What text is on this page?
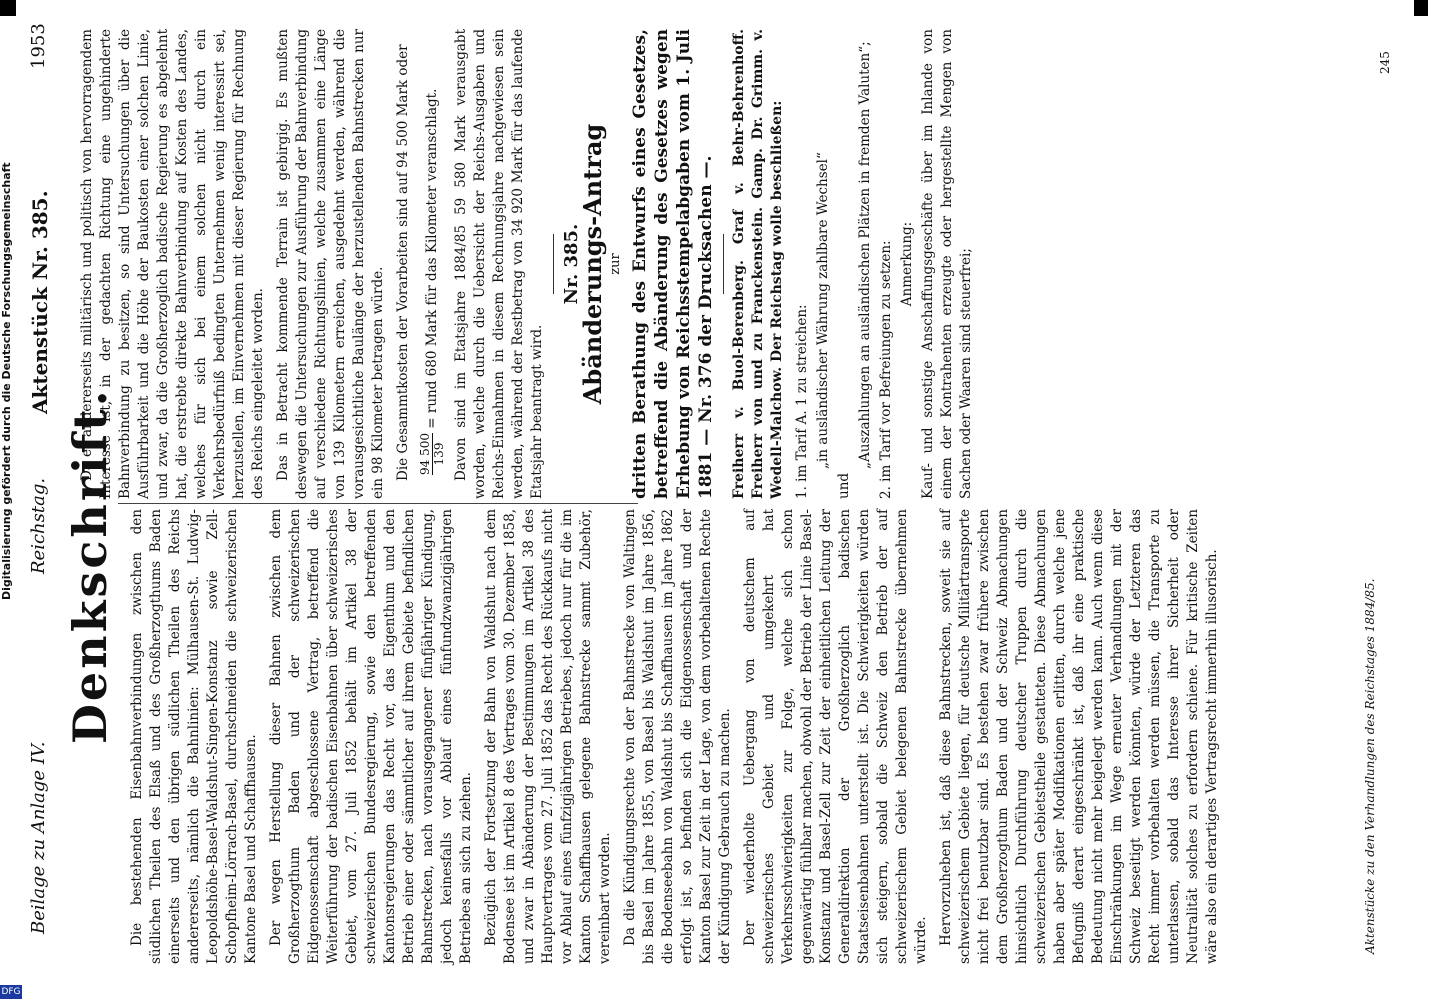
Digitalisierung gefördert durch die Deutsche Forschungsgemeinschaft
DFG
Beilage zu Anlage IV.
Reichstag.
Aktenstück Nr. 385.
1953
Denkschrift. Die bestehenden Eisenbahnverbindungen zwischen den südlichen Theilen des Elsaß und des Großherzogthums Baden einerseits und den übrigen südlichen Theilen des Reichs andererseits, nämlich die Bahnlinien: Mülhausen-St. Ludwig-Leopoldshöhe-Basel-Waldshut-Singen-Konstanz sowie Zell-Schopfheim-Lörrach-Basel, durchschneiden die schweizerischen Kantone Basel und Schaffhausen. Der wegen Herstellung dieser Bahnen zwischen dem Großherzogthum Baden und der schweizerischen Eidgenossenschaft abgeschlossene Vertrag, betreffend die Weiterführung der badischen Eisenbahnen über schweizerisches Gebiet, vom 27. Juli 1852 behält im Artikel 38 der schweizerischen Bundesregierung, sowie den betreffenden Kantonsregierungen das Recht vor, das Eigenthum und den Betrieb einer oder sämmtlicher auf ihrem Gebiete befindlichen Bahnstrecken, nach vorausgegangener fünfjähriger Kündigung, jedoch keinesfalls vor Ablauf eines fünfundzwanzigjährigen Betriebes an sich zu ziehen. Bezüglich der Fortsetzung der Bahn von Waldshut nach dem Bodensee ist im Artikel 8 des Vertrages vom 30. Dezember 1858, und zwar in Abänderung der Bestimmungen im Artikel 38 des Hauptvertrages vom 27. Juli 1852 das Recht des Rückkaufs nicht vor Ablauf eines fünfzigjährigen Betriebes, jedoch nur für die im Kanton Schaffhausen gelegene Bahnstrecke sammt Zubehör, vereinbart worden. Da die Kündigungsrechte von der Bahnstrecke von Waltingen bis Basel im Jahre 1855, von Basel bis Waldshut im Jahre 1856, die Bodenseebahn von Waldshut bis Schaffhausen im Jahre 1862 erfolgt ist, so befinden sich die Eidgenossenschaft und der Kanton Basel zur Zeit in der Lage, von dem vorbehaltenen Rechte der Kündigung Gebrauch zu machen. Der wiederholte Uebergang von deutschem auf schweizerisches Gebiet und umgekehrt hat Verkehrsschwierigkeiten zur Folge, welche sich schon gegenwärtig fühlbar machen, obwohl der Betrieb der Linie Basel-Konstanz und Basel-Zell zur Zeit der einheitlichen Leitung der Generaldirektion der Großherzoglich badischen Staatseisenbahnen unterstellt ist. Die Schwierigkeiten würden sich steigern, sobald die Schweiz den Betrieb der auf schweizerischem Gebiet belegenen Bahnstrecke übernehmen würde. Hervorzuheben ist, daß diese Bahnstrecken, soweit sie auf schweizerischem Gebiete liegen, für deutsche Militärtransporte nicht frei benutzbar sind. Es bestehen zwar frühere zwischen dem Großherzogthum Baden und der Schweiz Abmachungen hinsichtlich Durchführung deutscher Truppen durch die schweizerischen Gebietstheile gestatteten. Diese Abmachungen haben aber später Modifikationen erlitten, durch welche jene Befugniß derart eingeschränkt ist, daß ihr eine praktische Bedeutung nicht mehr beigelegt werden kann. Auch wenn diese Einschränkungen im Wege erneuter Verhandlungen mit der Schweiz beseitigt werden könnten, würde der Letzteren das Recht immer vorbehalten werden müssen, die Transporte zu unterlassen, sobald das Interesse ihrer Sicherheit oder Neutralität solches zu erfordern schiene. Für kritische Zeiten wäre also ein derartiges Vertragsrecht immerhin illusorisch.

Da es andererseits militärisch und politisch von hervorragendem Interesse ist, in der gedachten Richtung eine ungehinderte Bahnverbindung zu besitzen, so sind Untersuchungen über die Ausführbarkeit und die Höhe der Baukosten einer solchen Linie, und zwar, da die Großherzoglich badische Regierung es abgelehnt hat, die erstrebte direkte Bahnverbindung auf Kosten des Landes, welches für sich bei einem solchen nicht durch ein Verkehrsbedürfniß bedingten Unternehmen wenig interessirt sei, herzustellen, im Einvernehmen mit dieser Regierung für Rechnung des Reichs eingeleitet worden. Das in Betracht kommende Terrain ist gebirgig. Es mußten deswegen die Untersuchungen zur Ausführung der Bahnverbindung auf verschiedene Richtungslinien, welche zusammen eine Länge von 139 Kilometern erreichen, ausgedehnt werden, während die vorausgesichtliche Baulänge der herzustellenden Bahnstrecken nur ein 98 Kilometer betragen würde. Die Gesammtkosten der Vorarbeiten sind auf 94 500 Mark oder 94 500 139
= rund 680 Mark für das Kilometer veranschlagt. Davon sind im Etatsjahre 1884/85 59 580 Mark verausgabt worden, welche durch die Uebersicht der Reichs-Ausgaben und Reichs-Einnahmen in diesem Rechnungsjahre nachgewiesen sein werden, während der Restbetrag von 34 920 Mark für das laufende Etatsjahr beantragt wird.

Nr. 385.
Abänderungs-Antrag zur dritten Berathung des Entwurfs eines Gesetzes, betreffend die Abänderung des Gesetzes wegen Erhebung von Reichsstempelabgaben vom 1. Juli 1881 — Nr. 376 der Drucksachen —. Freiherr v. Buol-Berenberg. Graf v. Behr-Behrenhoff. Freiherr von und zu Franckenstein. Gamp. Dr. Grimm. v. Wedell-Malchow. Der Reichstag wolle beschließen: 1. im Tarif A. 1 zu streichen: „in ausländischer Währung zahlbare Wechsel“
und
„Auszahlungen an ausländischen Plätzen in fremden Valuten“; 2. im Tarif vor Befreiungen zu setzen: Anmerkung: Kauf- und sonstige Anschaffungsgeschäfte über im Inlande von einem der Kontrahenten erzeugte oder hergestellte Mengen von Sachen oder Waaren sind steuerfrei;
Aktenstücke zu den Verhandlungen des Reichstages 1884/85.
245
